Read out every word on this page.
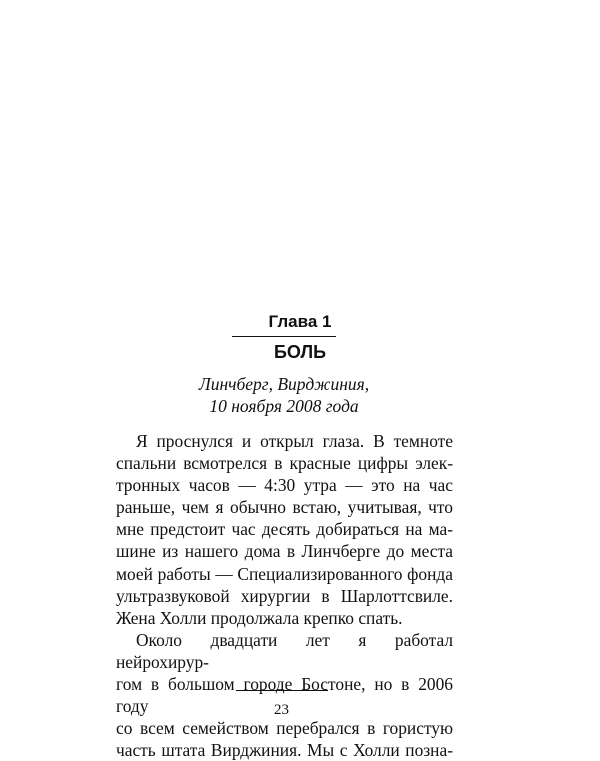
Глава 1
БОЛЬ
Линчберг, Вирджиния,
10 ноября 2008 года

Я проснулся и открыл глаза. В темноте

спальни всмотрелся в красные цифры элек-

тронных часов — 4:30 утра — это на час

раньше, чем я обычно встаю, учитывая, что

мне предстоит час десять добираться на ма-

шине из нашего дома в Линчберге до места

моей работы — Специализированного фонда

ультразвуковой хирургии в Шарлоттсвиле.

Жена Холли продолжала крепко спать.

Около двадцати лет я работал нейрохирур-

гом в большом городе Бостоне, но в 2006 году

со всем семейством перебрался в гористую

часть штата Вирджиния. Мы с Холли позна-

23
